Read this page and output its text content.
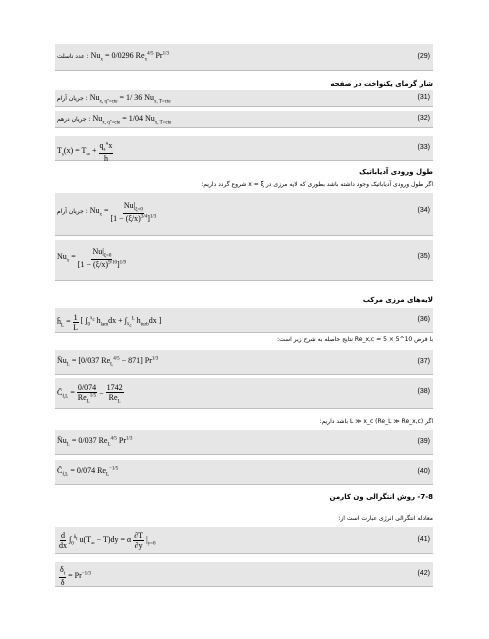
عدد ناسلت : $Nu_x = 0/0296$ $Re_x^{4/5}$ $Pr^{1/3}$	(29)
شار گرمای یکنواخت در صفحه
جریان آرام : $Nu_{x, q''=cte} = 1/$ 36 $Nu_{x, T=cte}$
(31)
جریان درهم : $Nu_{x, q''=cte} = 1/04$ $Nu_{x, T=cte}$
(32)
$T_s(x) = T_\infty + \frac{q_s''x}{h}$	(33)
طول ورودی آدیاباتیک
اگر طول ورودی آدیاباتیک وجود داشته باشد بطوری که لایه مرزی در x = ξ شروع گردد داریم:
جریان آرام : $Nu_x = \frac{Nu|_{\xi=0}}{[1 - (\xi/x)^{3/4}]^{1/3}}$	(34)
$Nu_x = \frac{Nu|_{\xi=0}}{[1 - (\xi/x)^{9/10}]^{1/9}}$	(35)
لایه‌های مرزی مرکب
$h̄_L = \frac{1}{L}$ [ $\int_0^{x_c}$ $h_{lam}dx + \int_{x_c}^L$ $h_{turb}dx$ ]	(36)
با فرض 10^5 × 5 = Re_x,c نتایج حاصله به شرح زیر است:
$N̄u_L = [0/037$ $Re_L^{4/5} - 871$] $Pr^{1/3}$	(37)
$C̄_{f,L} = \frac{0/074}{Re_L^{1/5}} - \frac{1742}{Re_L}$	(38)
اگر (Re_L ≫ Re_x,c) L ≫ x_c باشد داریم:
$N̄u_L = 0/037$ $Re_L^{4/5}$ $Pr^{1/3}$	(39)
$C̄_{f,L} = 0/074$ $Re_L^{-1/5}$	(40)
7-8- روش انتگرالی ون کارمن
معادله انتگرالی انرژی عبارت است از:
$\frac{d}{dx} \int_0^{\delta_t}$ $u(T_\infty - T)dy = \alpha \frac{\partial T}{\partial y} |_{y=0}$
(41)
$\frac{\delta_t}{\delta} = Pr^{-1/3}$	(42)
